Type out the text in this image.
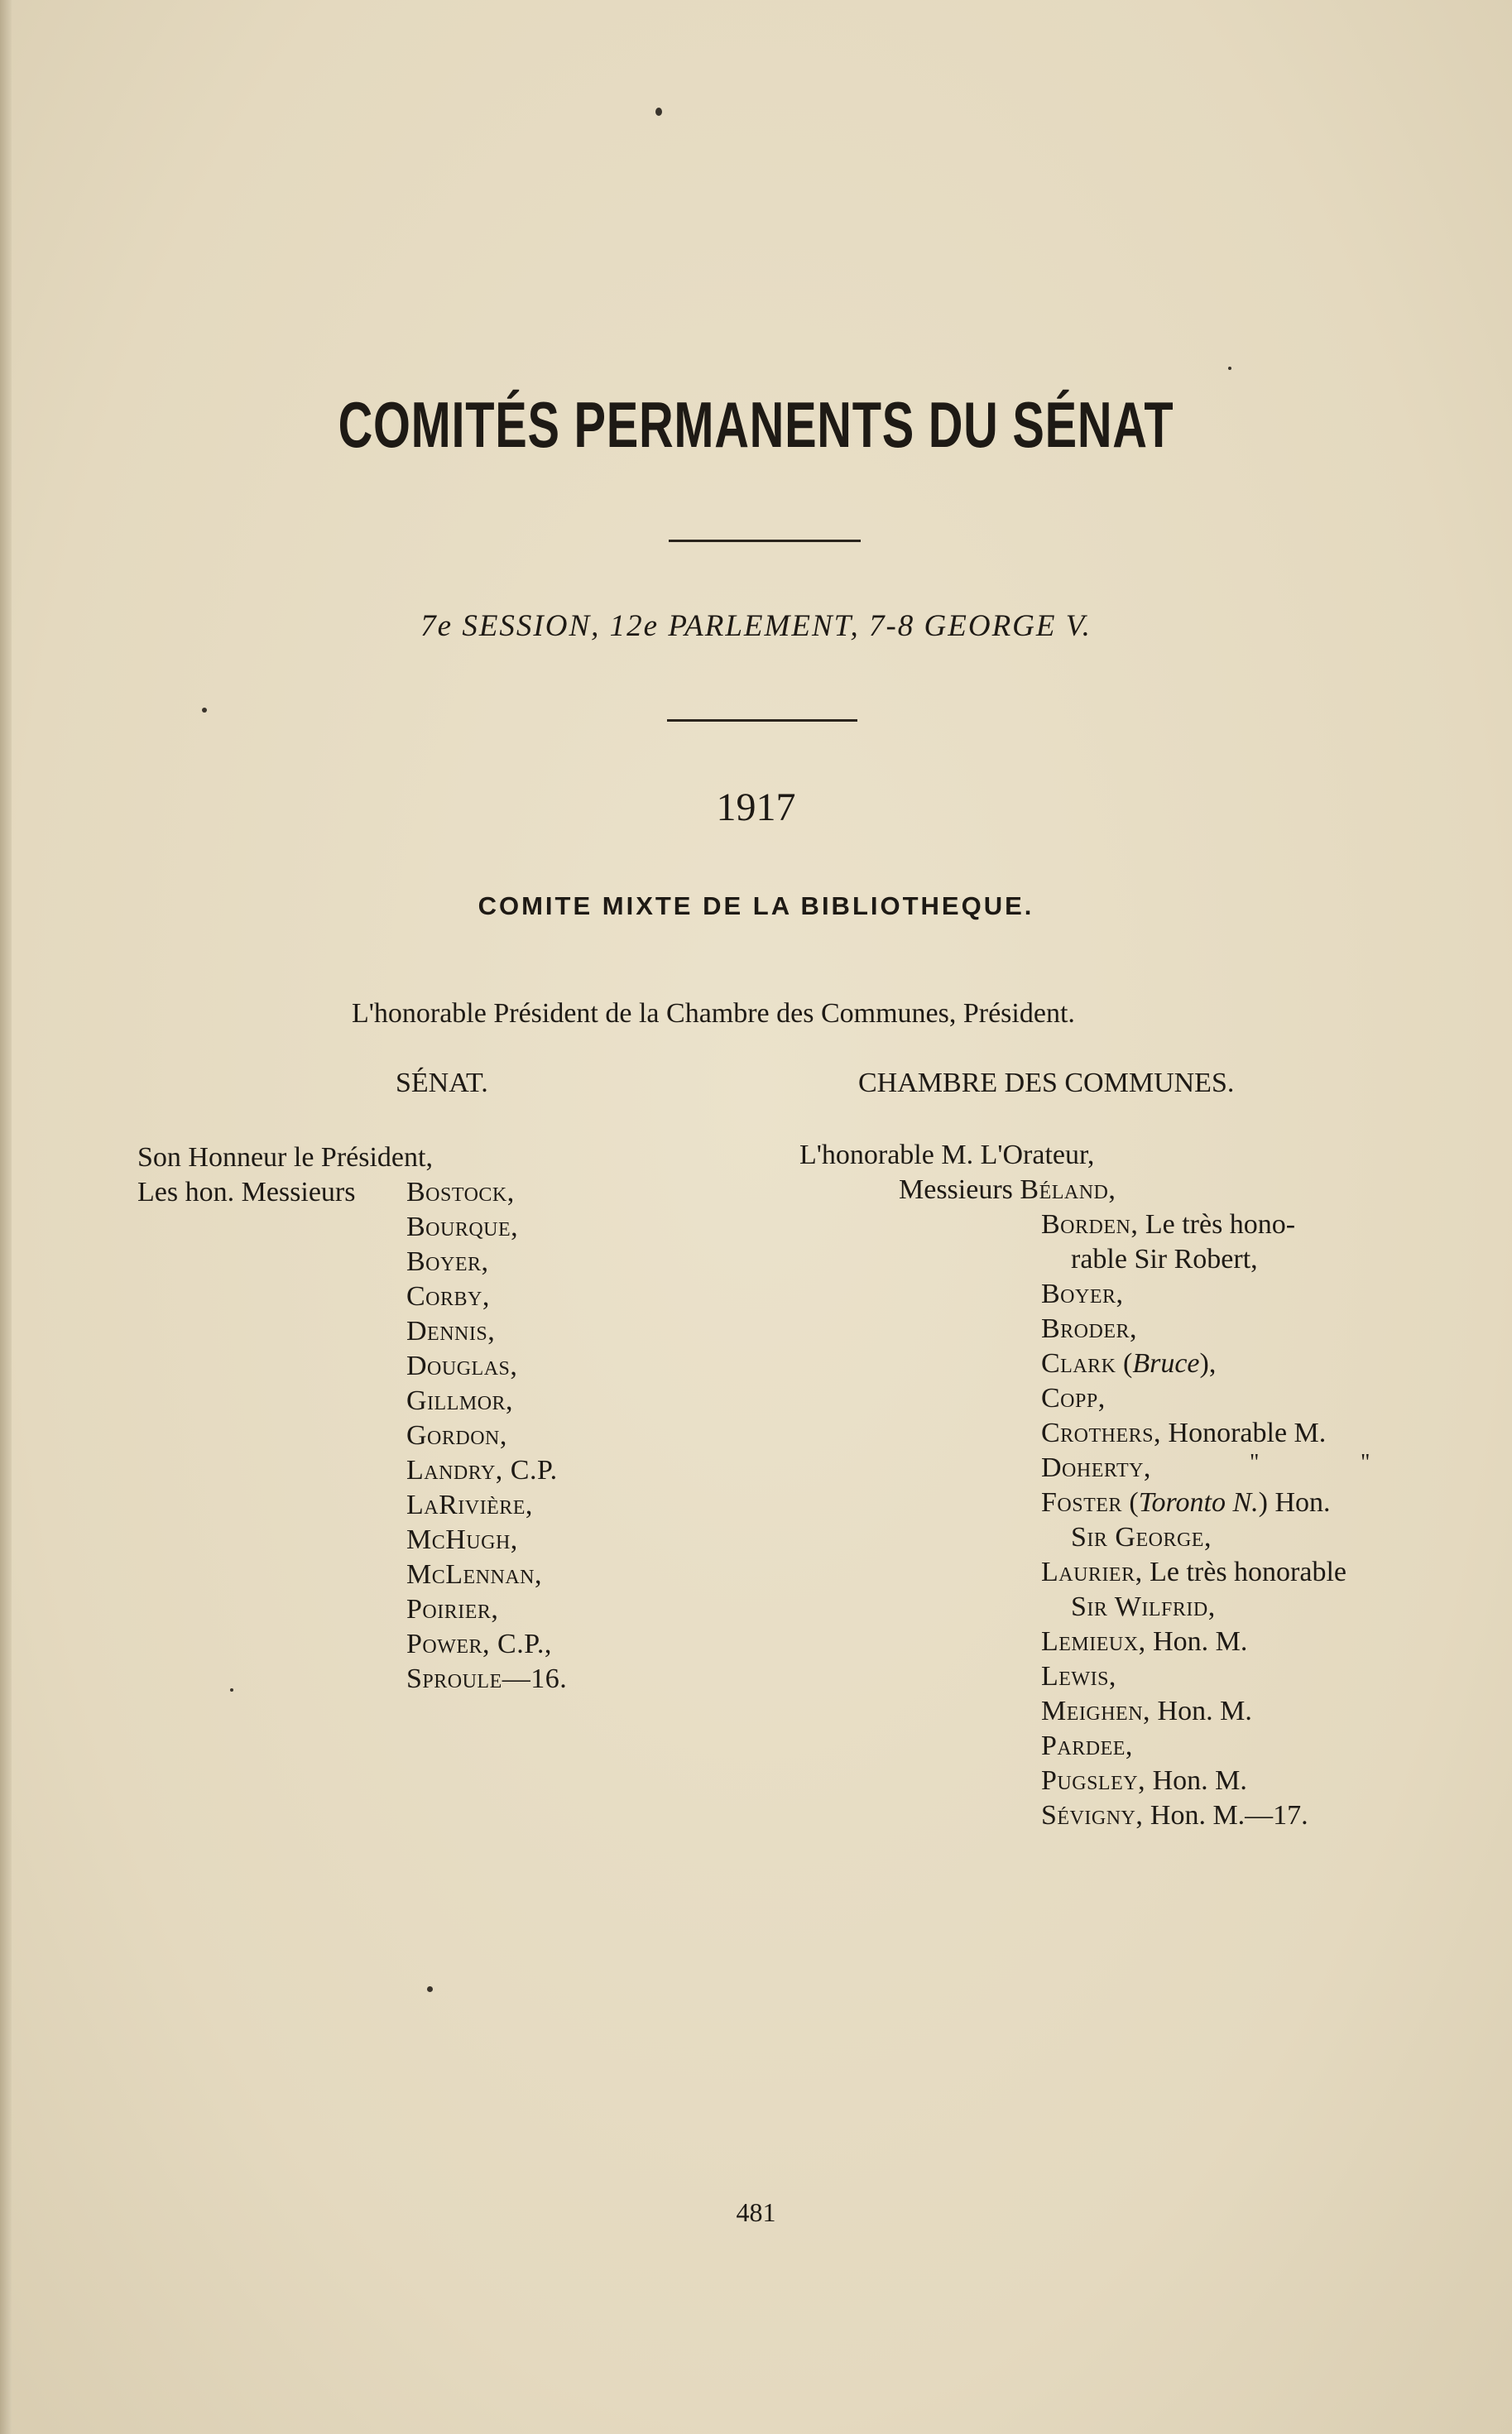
COMITÉS PERMANENTS DU SÉNAT
7e SESSION, 12e PARLEMENT, 7-8 GEORGE V.
1917
COMITE MIXTE DE LA BIBLIOTHEQUE.
L'honorable Président de la Chambre des Communes, Président.
SÉNAT.
Son Honneur le Président,
Les hon. Messieurs Bostock,
Bourque,
Boyer,
Corby,
Dennis,
Douglas,
Gillmor,
Gordon,
Landry, C.P.
LaRivière,
McHugh,
McLennan,
Poirier,
Power, C.P.,
Sproule—16.
CHAMBRE DES COMMUNES.
L'honorable M. L'Orateur,
Messieurs Béland,
Borden, Le très hono-
rable Sir Robert,
Boyer,
Broder,
Clark (Bruce),
Copp,
Crothers, Honorable M.
Doherty,	"	"
Foster (Toronto N.) Hon.
Sir George,
Laurier, Le très honorable
Sir Wilfrid,
Lemieux, Hon. M.
Lewis,
Meighen, Hon. M.
Pardee,
Pugsley, Hon. M.
Sévigny, Hon. M.—17.
481
